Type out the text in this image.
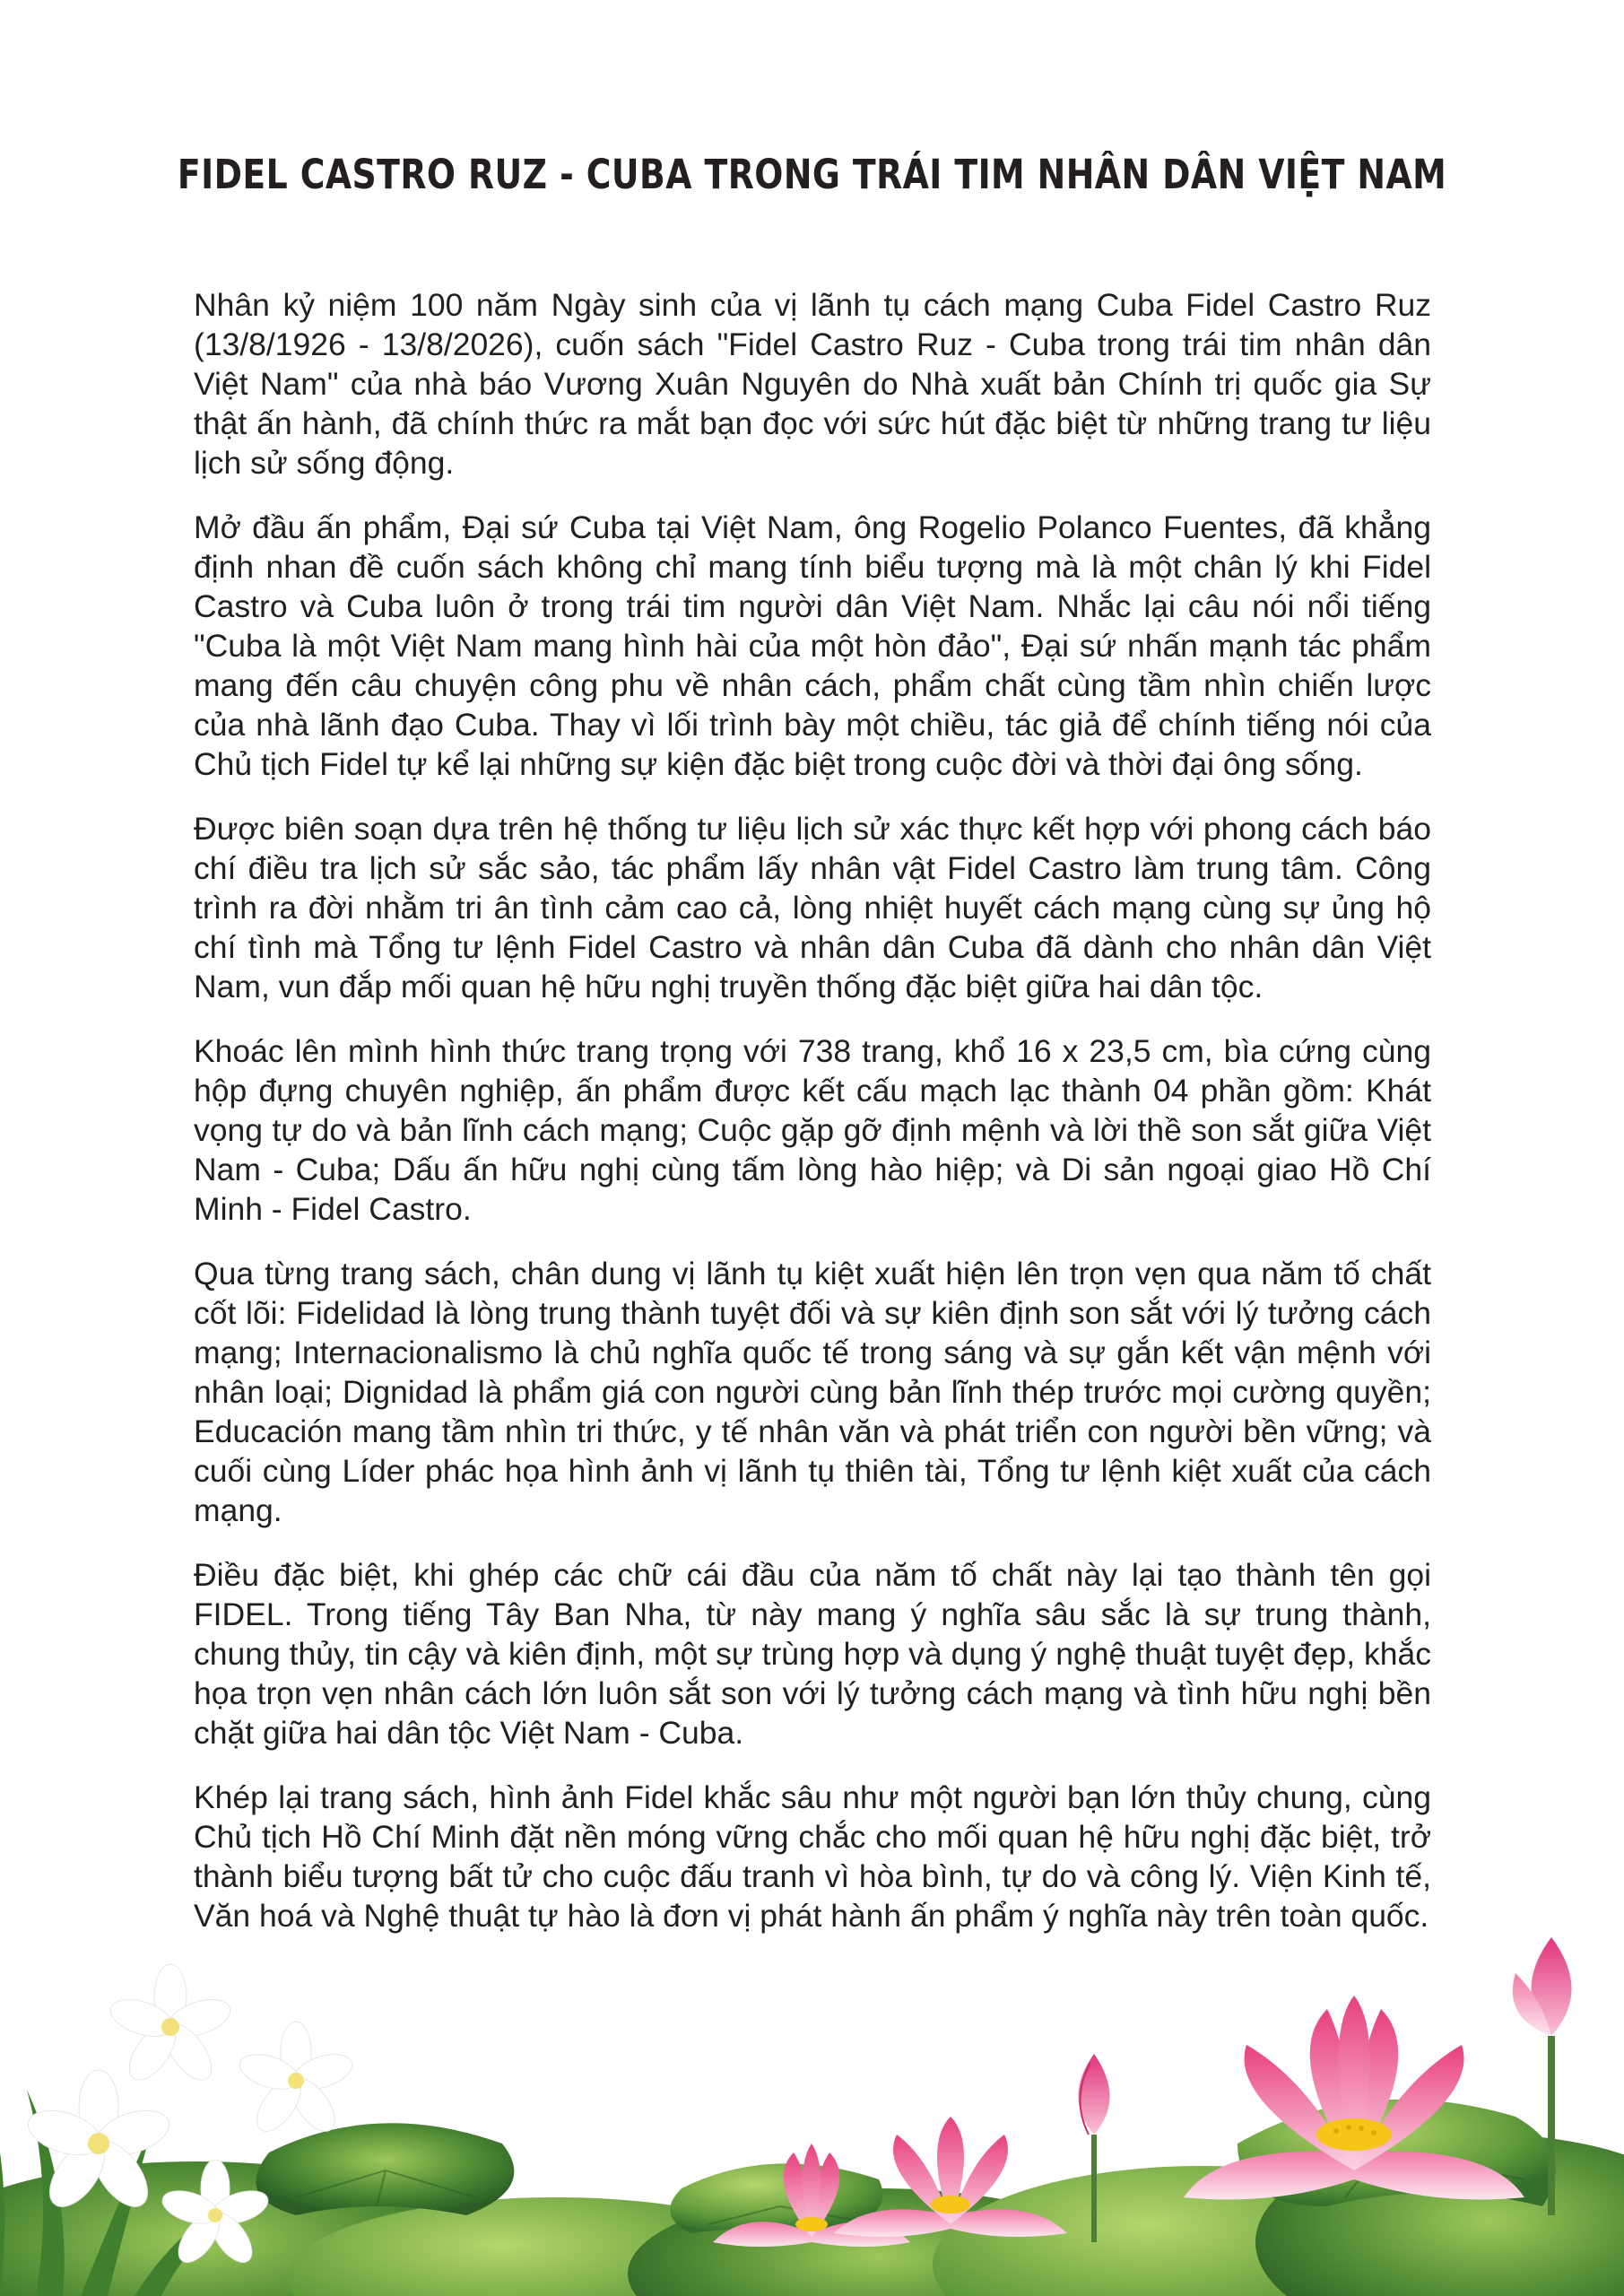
FIDEL CASTRO RUZ - CUBA TRONG TRÁI TIM NHÂN DÂN VIỆT NAM

Nhân kỷ niệm 100 năm Ngày sinh của vị lãnh tụ cách mạng Cuba Fidel Castro Ruz (13/8/1926 - 13/8/2026), cuốn sách "Fidel Castro Ruz - Cuba trong trái tim nhân dân Việt Nam" của nhà báo Vương Xuân Nguyên do Nhà xuất bản Chính trị quốc gia Sự thật ấn hành, đã chính thức ra mắt bạn đọc với sức hút đặc biệt từ những trang tư liệu lịch sử sống động.

Mở đầu ấn phẩm, Đại sứ Cuba tại Việt Nam, ông Rogelio Polanco Fuentes, đã khẳng định nhan đề cuốn sách không chỉ mang tính biểu tượng mà là một chân lý khi Fidel Castro và Cuba luôn ở trong trái tim người dân Việt Nam. Nhắc lại câu nói nổi tiếng "Cuba là một Việt Nam mang hình hài của một hòn đảo", Đại sứ nhấn mạnh tác phẩm mang đến câu chuyện công phu về nhân cách, phẩm chất cùng tầm nhìn chiến lược của nhà lãnh đạo Cuba. Thay vì lối trình bày một chiều, tác giả để chính tiếng nói của Chủ tịch Fidel tự kể lại những sự kiện đặc biệt trong cuộc đời và thời đại ông sống.

Được biên soạn dựa trên hệ thống tư liệu lịch sử xác thực kết hợp với phong cách báo chí điều tra lịch sử sắc sảo, tác phẩm lấy nhân vật Fidel Castro làm trung tâm. Công trình ra đời nhằm tri ân tình cảm cao cả, lòng nhiệt huyết cách mạng cùng sự ủng hộ chí tình mà Tổng tư lệnh Fidel Castro và nhân dân Cuba đã dành cho nhân dân Việt Nam, vun đắp mối quan hệ hữu nghị truyền thống đặc biệt giữa hai dân tộc.

Khoác lên mình hình thức trang trọng với 738 trang, khổ 16 x 23,5 cm, bìa cứng cùng hộp đựng chuyên nghiệp, ấn phẩm được kết cấu mạch lạc thành 04 phần gồm: Khát vọng tự do và bản lĩnh cách mạng; Cuộc gặp gỡ định mệnh và lời thề son sắt giữa Việt Nam - Cuba; Dấu ấn hữu nghị cùng tấm lòng hào hiệp; và Di sản ngoại giao Hồ Chí Minh - Fidel Castro.

Qua từng trang sách, chân dung vị lãnh tụ kiệt xuất hiện lên trọn vẹn qua năm tố chất cốt lõi: Fidelidad là lòng trung thành tuyệt đối và sự kiên định son sắt với lý tưởng cách mạng; Internacionalismo là chủ nghĩa quốc tế trong sáng và sự gắn kết vận mệnh với nhân loại; Dignidad là phẩm giá con người cùng bản lĩnh thép trước mọi cường quyền; Educación mang tầm nhìn tri thức, y tế nhân văn và phát triển con người bền vững; và cuối cùng Líder phác họa hình ảnh vị lãnh tụ thiên tài, Tổng tư lệnh kiệt xuất của cách mạng.

Điều đặc biệt, khi ghép các chữ cái đầu của năm tố chất này lại tạo thành tên gọi FIDEL. Trong tiếng Tây Ban Nha, từ này mang ý nghĩa sâu sắc là sự trung thành, chung thủy, tin cậy và kiên định, một sự trùng hợp và dụng ý nghệ thuật tuyệt đẹp, khắc họa trọn vẹn nhân cách lớn luôn sắt son với lý tưởng cách mạng và tình hữu nghị bền chặt giữa hai dân tộc Việt Nam - Cuba.

Khép lại trang sách, hình ảnh Fidel khắc sâu như một người bạn lớn thủy chung, cùng Chủ tịch Hồ Chí Minh đặt nền móng vững chắc cho mối quan hệ hữu nghị đặc biệt, trở thành biểu tượng bất tử cho cuộc đấu tranh vì hòa bình, tự do và công lý. Viện Kinh tế, Văn hoá và Nghệ thuật tự hào là đơn vị phát hành ấn phẩm ý nghĩa này trên toàn quốc.
